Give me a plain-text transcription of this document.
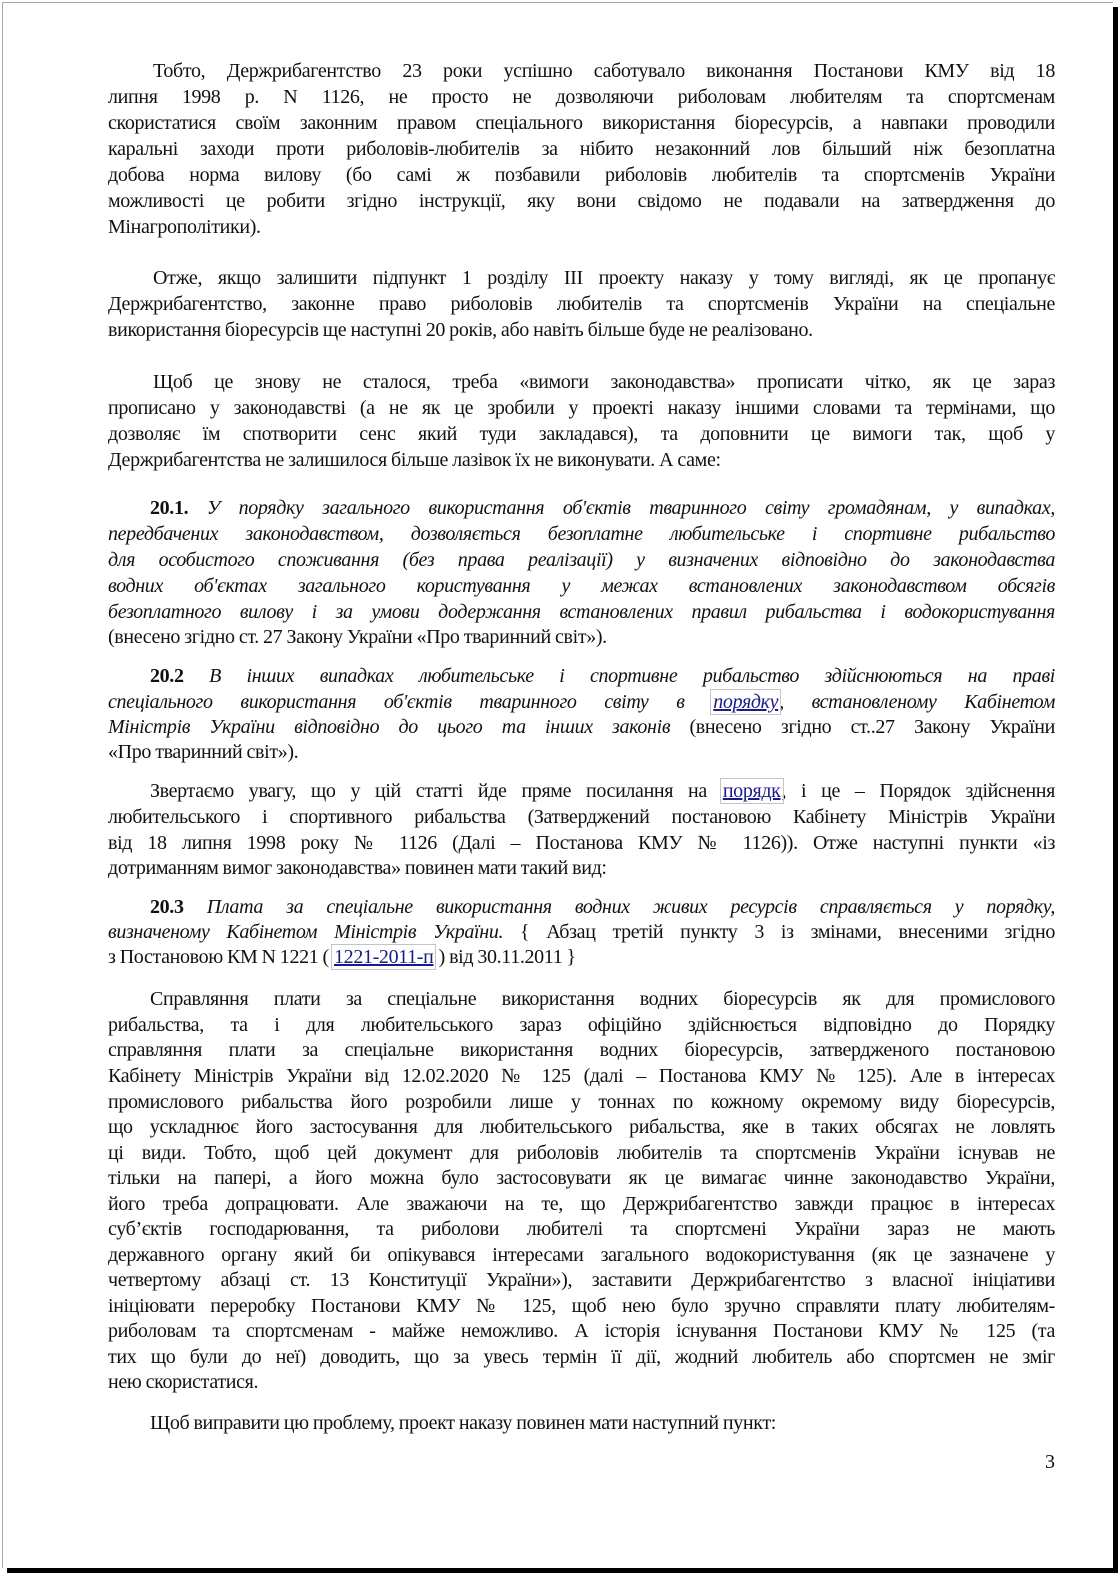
Тобто, Держрибагентство 23 роки успішно саботувало виконання Постанови КМУ від 18
липня 1998 р. N 1126, не просто не дозволяючи риболовам любителям та спортсменам
скористатися своїм законним правом спеціального використання біоресурсів, а навпаки проводили
каральні заходи проти риболовів-любителів за нібито незаконний лов більший ніж безоплатна
добова норма вилову (бо самі ж позбавили риболовів любителів та спортсменів України
можливості це робити згідно інструкції, яку вони свідомо не подавали на затвердження до
Мінагрополітики).
Отже, якщо залишити підпункт 1 розділу ІІІ проекту наказу у тому вигляді, як це пропанує
Держрибагентство, законне право риболовів любителів та спортсменів України на спеціальне
використання біоресурсів ще наступні 20 років, або навіть більше буде не реалізовано.
Щоб це знову не сталося, треба «вимоги законодавства» прописати чітко, як це зараз
прописано у законодавстві (а не як це зробили у проекті наказу іншими словами та термінами, що
дозволяє їм спотворити сенс який туди закладався), та доповнити це вимоги так, щоб у
Держрибагентства не залишилося більше лазівок їх не виконувати. А саме:
20.1. У порядку загального використання об'єктів тваринного світу громадянам, у випадках,
передбачених законодавством, дозволяється безоплатне любительське і спортивне рибальство
для особистого споживання (без права реалізації) у визначених відповідно до законодавства
водних об'єктах загального користування у межах встановлених законодавством обсягів
безоплатного вилову і за умови додержання встановлених правил рибальства і водокористування
(внесено згідно ст. 27 Закону України «Про тваринний світ»).
20.2 В інших випадках любительське і спортивне рибальство здійснюються на праві
спеціального використання об'єктів тваринного світу в порядку, встановленому Кабінетом
Міністрів України відповідно до цього та інших законів (внесено згідно ст..27 Закону України
«Про тваринний світ»).
Звертаємо увагу, що у цій статті йде пряме посилання на порядк, і це – Порядок здійснення
любительського і спортивного рибальства (Затверджений постановою Кабінету Міністрів України
від 18 липня 1998 року № 1126 (Далі – Постанова КМУ № 1126)). Отже наступні пункти «із
дотриманням вимог законодавства» повинен мати такий вид:
20.3 Плата за спеціальне використання водних живих ресурсів справляється у порядку,
визначеному Кабінетом Міністрів України. { Абзац третій пункту 3 із змінами, внесеними згідно
з Постановою КМ N 1221 ( 1221-2011-п ) від 30.11.2011 }
Справляння плати за спеціальне використання водних біоресурсів як для промислового
рибальства, та і для любительського зараз офіційно здійснюється відповідно до Порядку
справляння плати за спеціальне використання водних біоресурсів, затвердженого постановою
Кабінету Міністрів України від 12.02.2020 № 125 (далі – Постанова КМУ № 125). Але в інтересах
промислового рибальства його розробили лише у тоннах по кожному окремому виду біоресурсів,
що ускладнює його застосування для любительського рибальства, яке в таких обсягах не ловлять
ці види. Тобто, щоб цей документ для риболовів любителів та спортсменів України існував не
тільки на папері, а його можна було застосовувати як це вимагає чинне законодавство України,
його треба допрацювати. Але зважаючи на те, що Держрибагентство завжди працює в інтересах
суб’єктів господарювання, та риболови любителі та спортсмені України зараз не мають
державного органу який би опікувався інтересами загального водокористування (як це зазначене у
четвертому абзаці ст. 13 Конституції України»), заставити Держрибагентство з власної ініціативи
ініціювати переробку Постанови КМУ № 125, щоб нею було зручно справляти плату любителям-
риболовам та спортсменам - майже неможливо. А історія існування Постанови КМУ № 125 (та
тих що були до неї) доводить, що за увесь термін її дії, жодний любитель або спортсмен не зміг
нею скористатися.
Щоб виправити цю проблему, проект наказу повинен мати наступний пункт:
3
